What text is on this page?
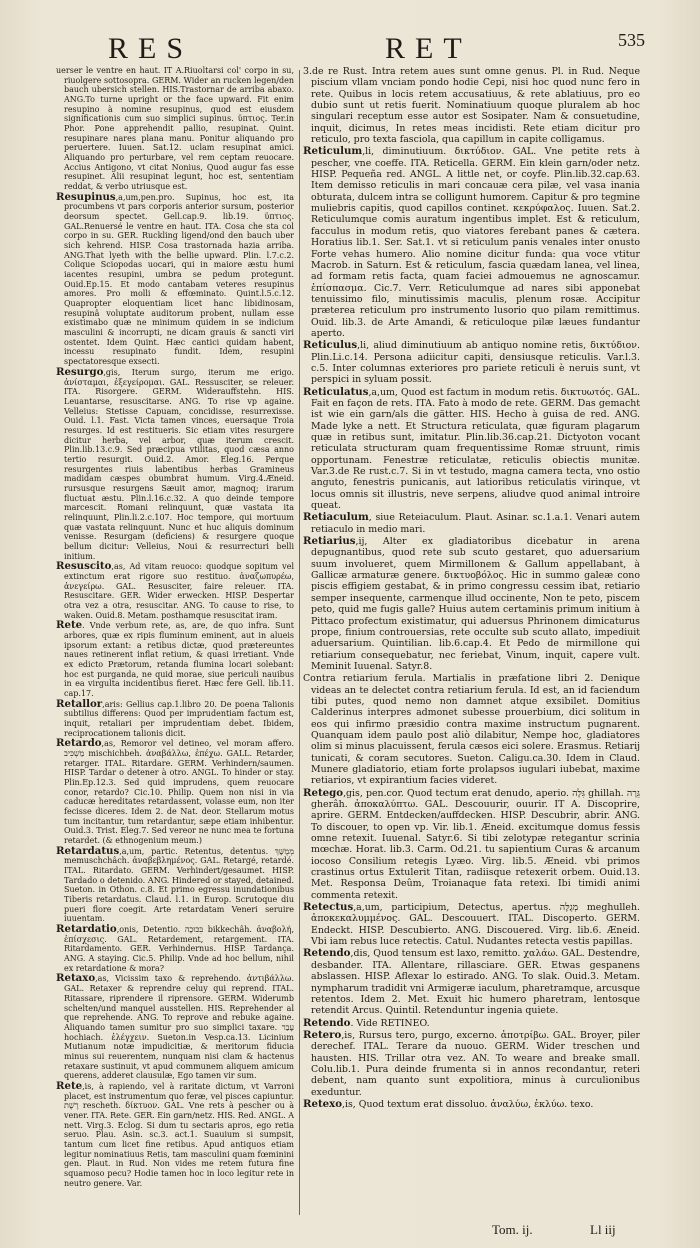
RES	RET	535

uerser le ventre en haut. IT A.Riuoltarsi col' corpo in su, riuolgere sottosopra. GERM. Wider an rucken legen/den bauch ubersich stellen. HIS.Trastornar de arriba abaxo. ANG.To turne upright or the face upward. Fit enim resupino à nomine resupinus, quod est eiusdem significationis cum suo simplici supinus. ϋπτιος. Ter.in Phor. Pone apprehendit pallio, resupinat. Quint. resupinare nares plana manu. Ponitur aliquando pro peruertere. Iuuen. Sat.12. uclam resupinat amici. Aliquando pro perturbare, vel rem ceptam reuocare. Accius Antigono, vt citat Nonius, Quod augur fas esse resupinet. Alii resupinat legunt, hoc est, sententiam reddat, & verbo utriusque est.

Resupinus,a,um,pen.pro. Supinus, hoc est, ita procumbens vt pars corporis anterior sursum, posterior deorsum spectet. Gell.cap.9. lib.19. ϋπτιος. GAL.Renuersé le ventre en haut. ITA. Cosa che sta col corpo in su. GER. Ruckling ligend/ond den bauch uber sich kehrend. HISP. Cosa trastornada hazia arriba. ANG.That lyeth with the bellie upward. Plin. l.7.c.2. Colique Sciopodas uocari, qui in maiore æstu humi iacentes resupini, umbra se pedum protegunt. Ouid.Ep.15. Et modo cantabam veteres resupinus amores. Pro molli & effœminato. Quint.l.5.c.12. Quapropter eloquentiam licet hanc libidinosam, resupinâ voluptate auditorum probent, nullam esse existimabo quæ ne minimum quidem in se indicium masculini & incorrupti, ne dicam grauis & sancti viri ostentet. Idem Quint. Hæc cantici quidam habent, incessu resupinato fundit. Idem, resupini spectatoresque exsecti.

Resurgo,gis, Iterum surgo, iterum me erigo. ἀνίσταμαι, ἐξεγείρομαι. GAL. Ressusciter, se releuer. ITA. Risorgere. GERM. Widerauffstehn. HIS. Leuantarse, resuscitarse. ANG. To rise vp againe. Velleius: Stetisse Capuam, concidisse, resurrexisse. Ouid. l.1. Fast. Victa tamen vinces, euersaque Troia resurges. Id est restitueris. Sic etiam vites resurgere dicitur herba, vel arbor, quæ iterum crescit. Plin.lib.13.c.9. Sed præcipua vtilitas, quod cæsa anno tertio resurgit. Ouid.2. Amor. Eleg.16. Perque resurgentes riuis labentibus herbas Gramineus madidam cæspes obumbrat humum. Virg.4.Æneid. rursusque resurgens Sæuit amor, magnoq; irarum fluctuat æstu. Plin.l.16.c.32. A quo deinde tempore marcescit. Romani relinquunt, quæ vastata ita relinquunt, Plin.li.2.c.107. Hoc tempore, qui mortuum quæ vastata relinquunt. Nunc et huc aliquis dominum venisse. Resurgam (deficiens) & resurgere quoque bellum dicitur: Velleius, Noui & resurrecturi belli initium.

Resuscito,as, Ad vitam reuoco: quodque sopitum vel extinctum erat rigore suo restituo. ἀναζωπυρέω, ἀνεγείρω. GAL. Resusciter, faire releuer. ITA. Resuscitare. GER. Wider erwecken. HISP. Despertar otra vez a otra, resuscitar. ANG. To cause to rise, to waken. Ouid.8. Metam. posthamque resuscitat iram.

Rete. Vnde verbum rete, as, are, de quo infra. Sunt arbores, quæ ex ripis fluminum eminent, aut in alueis ipsorum extant: a retibus dictæ, quod prætereuntes naues retinerent inflat retium, & quasi irretiant. Vnde ex edicto Prætorum, retanda flumina locari solebant: hoc est purganda, ne quid morae, siue periculi nauibus in ea virgulta incidentibus fieret. Hæc fere Gell. lib.11. cap.17.

Retallor,aris: Gellius cap.1.libro 20. De poena Talionis subtilius differens: Quod per imprudentiam factum est, inquit, retaliari per imprudentiam debet. Ibidem, reciprocationem talionis dicit.

Retardo,as, Remoror vel detineo, vel moram affero. מַשְׁכִּיב mischichbeh. ἀναβάλλω, ἐπέχω. GALL. Retarder, retarger. ITAL. Ritardare. GERM. Verhindern/saumen. HISP. Tardar o detener à otro. ANGL. To hinder or stay. Plin.Ep.12.3. Sed quid imprudens, quem reuocare conor, retardo? Cic.10. Philip. Quem non nisi in via caducæ hereditates retardassent, volasse eum, non iter fecisse diceres. Idem 2. de Nat. deor. Stellarum motus tum incitantur, tum retardantur, sæpe etiam inhibentur. Ouid.3. Trist. Eleg.7. Sed vereor ne nunc mea te fortuna retardet. (& ethnogenium meum.)

Retardatus,a,um, partic. Retentus, detentus. מְמֻשָּׁךְ memuschchâch. ἀναβεβλημένος. GAL. Retargé, retardé. ITAL. Ritardato. GERM. Verhindert/gesaumet. HISP. Tardado o detenido. ANG. Hindered or stayed, detained. Sueton. in Othon. c.8. Et primo egressu inundationibus Tiberis retardatus. Claud. l.1. in Europ. Scrutoque diu pueri flore coegit. Arte retardatam Veneri seruire iuuentam.

Retardatio,onis, Detentio. בִּכּוּכָה bikkechâh. ἀναβολή, ἐπίσχεσις. GAL. Retardement, retargement. ITA. Ritardamento. GER. Verhindernus. HISP. Tardança. ANG. A staying. Cic.5. Philip. Vnde ad hoc bellum, nihil ex retardatione & mora?

Retaxo,as, Vicissim taxo & reprehendo. ἀντιβάλλω. GAL. Retaxer & reprendre celuy qui reprend. ITAL. Ritassare, riprendere il riprensore. GERM. Widerumb schelten/und manquel ausstellen. HIS. Reprehender al que reprehende. ANG. To reprove and rebuke againe. Aliquando tamen sumitur pro suo simplici taxare. עָבַר hochiach. ἐλέγχειν. Sueton.in Vesp.ca.13. Licinium Mutianum notæ impudicitiæ, & meritorum fiducia minus sui reuerentem, nunquam nisi clam & hactenus retaxare sustinuit, vt apud communem aliquem amicum querens, adderet clausulæ, Ego tamen vir sum.

Rete,is, à rapiendo, vel à raritate dictum, vt Varroni placet, est instrumentum quo feræ, vel pisces capiuntur. רֶשֶׁת rescheth. δίκτυον. GAL. Vne rets à pescher ou à vener. ITA. Rete. GER. Ein garn/netz. HIS. Red. ANGL. A nett. Virg.3. Eclog. Si dum tu sectaris apros, ego retia seruo. Plau. Asin. sc.3. act.1. Suauium si sumpsit, tantum cum licet fine retibus. Apud antiquos etiam legitur nominatiuus Retis, tam masculini quam fœminini gen. Plaut. in Rud. Non vides me retem futura fine squamoso pecu? Hodie tamen hoc in loco legitur rete in neutro genere. Var.

3.de re Rust. Intra retem aues sunt omne genus. Pl. in Rud. Neque piscium vllam vnciam pondo hodie Cepi, nisi hoc quod nunc fero in rete. Quibus in locis retem accusatiuus, & rete ablatiuus, pro eo dubio sunt ut retis fuerit. Nominatiuum quoque pluralem ab hoc singulari receptum esse autor est Sosipater. Nam & consuetudine, inquit, dicimus, In retes meas incidisti. Rete etiam dicitur pro reticulo, pro texta fasciola, qua capillum in capite colligamus.

Reticulum,li, diminutiuum. δικτύδιον. GAL. Vne petite rets à pescher, vne coeffe. ITA. Reticella. GERM. Ein klein garn/oder netz. HISP. Pequeña red. ANGL. A little net, or coyfe. Plin.lib.32.cap.63. Item demisso reticulis in mari concauæ cera pilæ, vel vasa inania obturata, dulcem intra se colligunt humorem. Capitur & pro tegmine muliebris capitis, quod capillos continet. κεκρύφαλος. Iuuen. Sat.2. Reticulumque comis auratum ingentibus implet. Est & reticulum, facculus in modum retis, quo viatores ferebant panes & cætera. Horatius lib.1. Ser. Sat.1. vt si reticulum panis venales inter onusto Forte vehas humero. Alio nomine dicitur funda: qua voce vtitur Macrob. in Saturn. Est & reticulum, fascia quædam lanea, vel linea, ad formam retis facta, quam faciei admouemus ne agnoscamur. ἐπίσπασμα. Cic.7. Verr. Reticulumque ad nares sibi apponebat tenuissimo filo, minutissimis maculis, plenum rosæ. Accipitur præterea reticulum pro instrumento lusorio quo pilam remittimus. Ouid. lib.3. de Arte Amandi, & reticuloque pilæ læues fundantur aperto.

Reticulus,li, aliud diminutiuum ab antiquo nomine retis, δικτύδιον. Plin.Li.c.14. Persona adiicitur capiti, densiusque reticulis. Var.l.3. c.5. Inter columnas exteriores pro pariete reticuli è neruis sunt, vt perspici in syluam possit.

Reticulatus,a,um, Quod est factum in modum retis. δικτυωτός. GAL. Fait en façon de rets. ITA. Fato à modo de rete. GERM. Das gemacht ist wie ein garn/als die gätter. HIS. Hecho à guisa de red. ANG. Made lyke a nett. Et Structura reticulata, quæ figuram plagarum quæ in retibus sunt, imitatur. Plin.lib.36.cap.21. Dictyoton vocant reticulata structuram quam frequentissime Romæ struunt, rimis opportunam. Fenestræ reticulatæ, reticulis obiectis munitæ. Var.3.de Re rust.c.7. Si in vt testudo, magna camera tecta, vno ostio anguto, fenestris punicanis, aut latioribus reticulatis virinque, vt locus omnis sit illustris, neve serpens, aliudve quod animal introire queat.

Retiaculum, siue Reteiaculum. Plaut. Asinar. sc.1.a.1. Venari autem retiaculo in medio mari.

Retiarius,ij, Alter ex gladiatoribus dicebatur in arena depugnantibus, quod rete sub scuto gestaret, quo aduersarium suum involueret, quem Mirmillonem & Gallum appellabant, à Gallicæ armaturæ genere. δικτυοβόλος. Hic in summo galeæ cono piscis effigiem gestabat, & in primo congressu cessim ibat, retiario semper insequente, carmenque illud occinente, Non te peto, piscem peto, quid me fugis galle? Huius autem certaminis primum initium à Pittaco profectum existimatur, qui aduersus Phrinonem dimicaturus prope, finium controuersias, rete occulte sub scuto allato, impediuit aduersarium. Quintilian. lib.6.cap.4. Et Pedo de mirmillone qui retiarium consequebatur, nec feriebat, Vinum, inquit, capere vult. Meminit Iuuenal. Satyr.8.

Contra retiarium ferula. Martialis in præfatione libri 2. Denique videas an te delectet contra retiarium ferula. Id est, an id faciendum tibi putes, quod nemo non damnet atque exsibilet. Domitius Calderinus interpres admonet subesse prouerbium, dici solitum in eos qui infirmo præsidio contra maxime instructum pugnarent. Quanquam idem paulo post aliò dilabitur, Nempe hoc, gladiatores olim si minus placuissent, ferula cæsos eici solere. Erasmus. Retiarij tunicati, & coram secutores. Sueton. Caligu.ca.30. Idem in Claud. Munere gladiatorio, etiam forte prolapsos iugulari iubebat, maxime retiarios, vt expirantium facies videret.

Retego,gis, pen.cor. Quod tectum erat denudo, aperio. גִּלָּה ghillah. גֵּרָה gherâh. ἀποκαλύπτω. GAL. Descouurir, ouurir. IT A. Discoprire, aprire. GERM. Entdecken/auffdecken. HISP. Descubrir, abrir. ANG. To discouer, to open vp. Vir. lib.1. Æneid. excitumque domus fessis omne retexit. Iuuenal. Satyr.6. Si tibi zelotypæ retegantur scrinia mœchæ. Horat. lib.3. Carm. Od.21. tu sapientium Curas & arcanum iocoso Consilium retegis Lyæo. Virg. lib.5. Æneid. vbi primos crastinus ortus Extulerit Titan, radiisque retexerit orbem. Ouid.13. Met. Responsa Deûm, Troianaque fata retexi. Ibi timidi animi commenta retexit.

Retectus,a,um, participium, Detectus, apertus. מְגֻלֶּה meghulleh. ἀποκεκαλυμμένος. GAL. Descouuert. ITAL. Discoperto. GERM. Endeckt. HISP. Descubierto. ANG. Discouered. Virg. lib.6. Æneid. Vbi iam rebus luce retectis. Catul. Nudantes retecta vestis papillas.

Retendo,dis, Quod tensum est laxo, remitto. χαλάω. GAL. Destendre, desbander. ITA. Allentare, rillasciare. GER. Etwas gespanens abslassen. HISP. Aflexar lo estirado. ANG. To slak. Ouid.3. Metam. nympharum tradidit vni Armigeræ iaculum, pharetramque, arcusque retentos. Idem 2. Met. Exuit hic humero pharetram, lentosque retendit Arcus. Quintil. Retenduntur ingenia quiete.

Retendo. Vide RETINEO.

Retero,is, Rursus tero, purgo, excerno. ἀποτρίβω. GAL. Broyer, piler derechef. ITAL. Terare da nuouo. GERM. Wider treschen und hausten. HIS. Trillar otra vez. AN. To weare and breake small. Colu.lib.1. Pura deinde frumenta si in annos recondantur, reteri debent, nam quanto sunt expolitiora, minus à curculionibus exeduntur.

Retexo,is, Quod textum erat dissoluo. ἀναλύω, ἐκλύω. texo.

Tom. ij.	Ll iij
